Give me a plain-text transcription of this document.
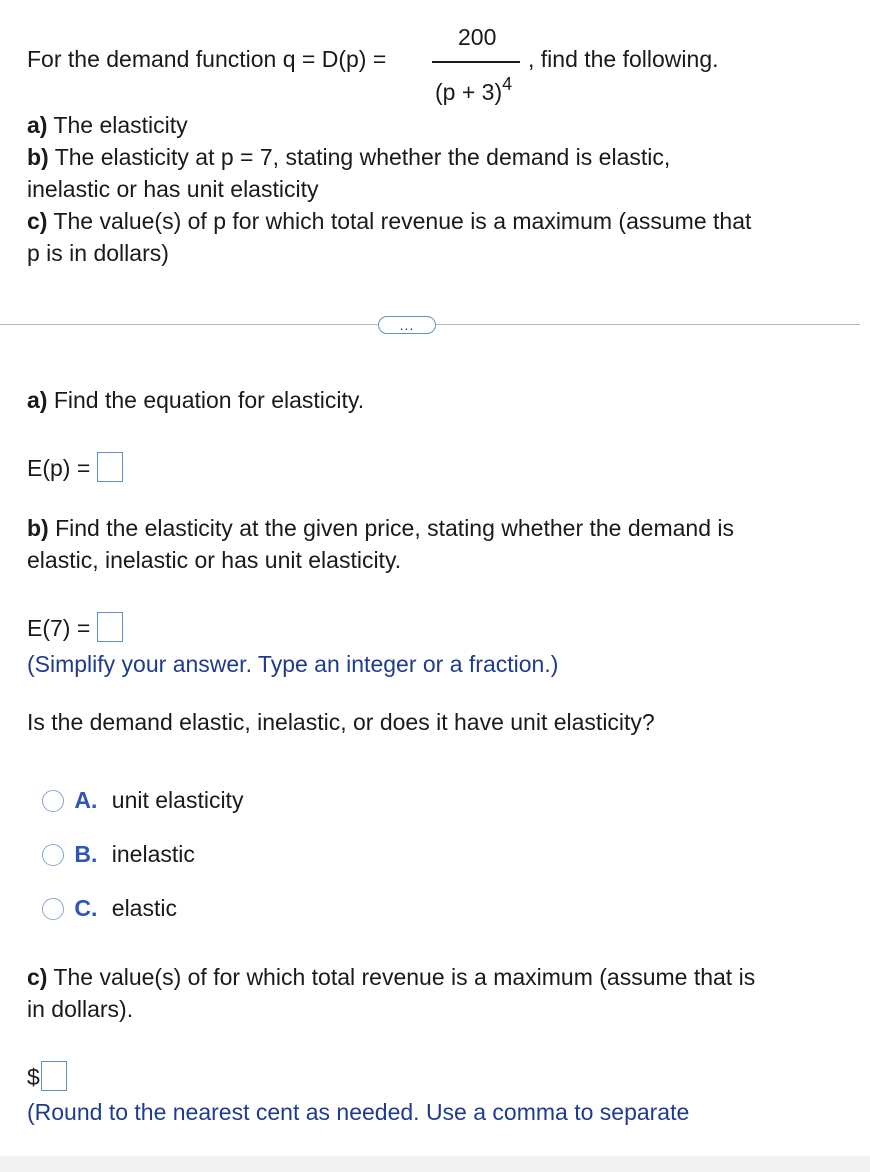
For the demand function q = D(p) =
200
$(p + 3)^4$
, find the following.
a) The elasticity
b) The elasticity at p = 7, stating whether the demand is elastic,
inelastic or has unit elasticity
c) The value(s) of p for which total revenue is a maximum (assume that
p is in dollars)
...
a) Find the equation for elasticity.
E(p) =
b) Find the elasticity at the given price, stating whether the demand is
elastic, inelastic or has unit elasticity.
E(7) =
(Simplify your answer. Type an integer or a fraction.)
Is the demand elastic, inelastic, or does it have unit elasticity?
A. unit elasticity
B. inelastic
C. elastic
c) The value(s) of for which total revenue is a maximum (assume that is
in dollars).
$
(Round to the nearest cent as needed. Use a comma to separate
